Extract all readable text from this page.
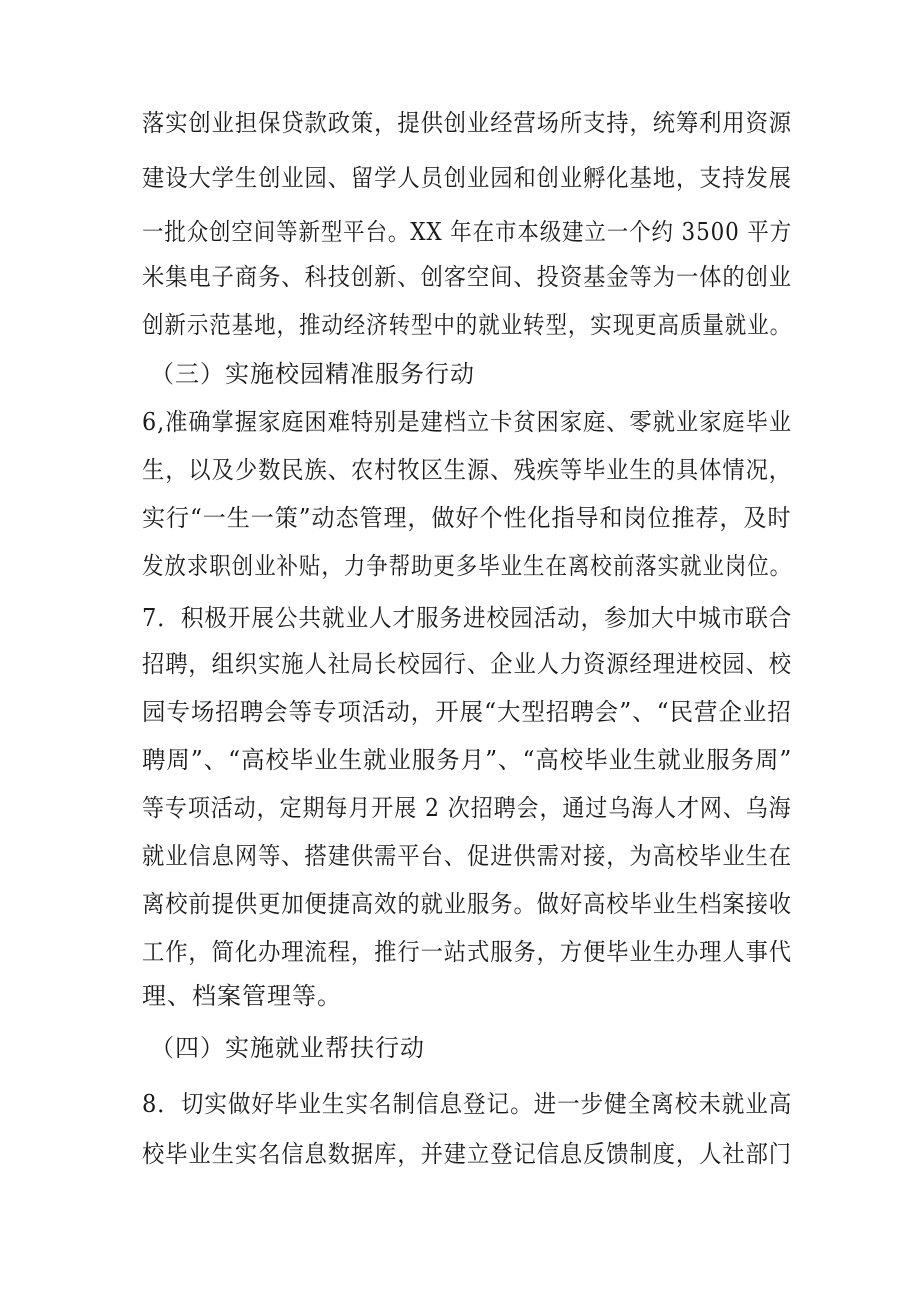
落实创业担保贷款政策，提供创业经营场所支持，统筹利用资源
建设大学生创业园、留学人员创业园和创业孵化基地，支持发展
一批众创空间等新型平台。XX 年在市本级建立一个约 3500 平方
米集电子商务、科技创新、创客空间、投资基金等为一体的创业
创新示范基地，推动经济转型中的就业转型，实现更高质量就业。
（三）实施校园精准服务行动
6,准确掌握家庭困难特别是建档立卡贫困家庭、零就业家庭毕业
生，以及少数民族、农村牧区生源、残疾等毕业生的具体情况，
实行“一生一策”动态管理，做好个性化指导和岗位推荐，及时
发放求职创业补贴，力争帮助更多毕业生在离校前落实就业岗位。
7．积极开展公共就业人才服务进校园活动，参加大中城市联合
招聘，组织实施人社局长校园行、企业人力资源经理进校园、校
园专场招聘会等专项活动，开展“大型招聘会”、“民营企业招
聘周”、“高校毕业生就业服务月”、“高校毕业生就业服务周”
等专项活动，定期每月开展 2 次招聘会，通过乌海人才网、乌海
就业信息网等、搭建供需平台、促进供需对接，为高校毕业生在
离校前提供更加便捷高效的就业服务。做好高校毕业生档案接收
工作，简化办理流程，推行一站式服务，方便毕业生办理人事代
理、档案管理等。
（四）实施就业帮扶行动
8．切实做好毕业生实名制信息登记。进一步健全离校未就业高
校毕业生实名信息数据库，并建立登记信息反馈制度，人社部门
